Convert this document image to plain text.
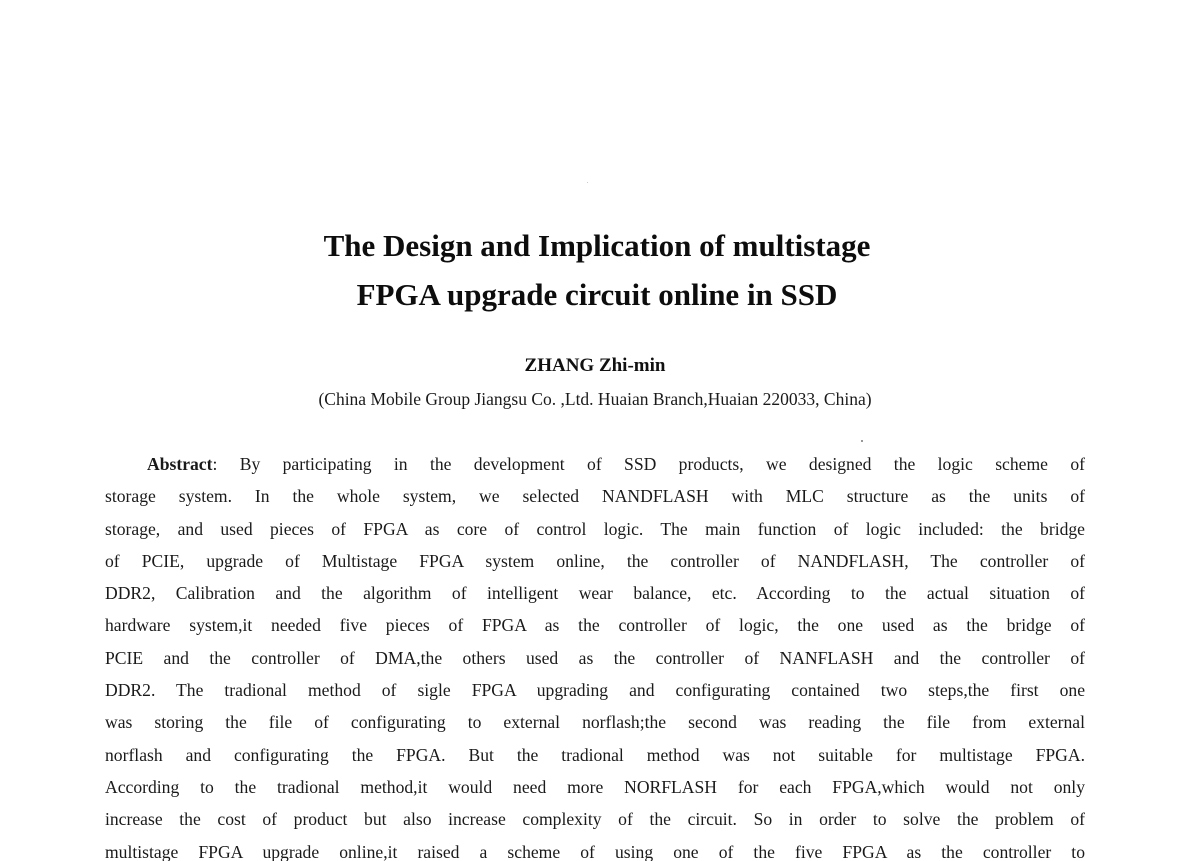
The Design and Implication of multistage
FPGA upgrade circuit online in SSD
ZHANG Zhi-min
(China Mobile Group Jiangsu Co. ,Ltd. Huaian Branch,Huaian 220033, China)
Abstract: By participating in the development of SSD products, we designed the logic scheme of
storage system. In the whole system, we selected NANDFLASH with MLC structure as the units of
storage, and used pieces of FPGA as core of control logic. The main function of logic included: the bridge
of PCIE, upgrade of Multistage FPGA system online, the controller of NANDFLASH, The controller of
DDR2, Calibration and the algorithm of intelligent wear balance, etc. According to the actual situation of
hardware system,it needed five pieces of FPGA as the controller of logic, the one used as the bridge of
PCIE and the controller of DMA,the others used as the controller of NANFLASH and the controller of
DDR2. The tradional method of sigle FPGA upgrading and configurating contained two steps,the first one
was storing the file of configurating to external norflash;the second was reading the file from external
norflash and configurating the FPGA. But the tradional method was not suitable for multistage FPGA.
According to the tradional method,it would need more NORFLASH for each FPGA,which would not only
increase the cost of product but also increase complexity of the circuit. So in order to solve the problem of
multistage FPGA upgrade online,it raised a scheme of using one of the five FPGA as the controller to
